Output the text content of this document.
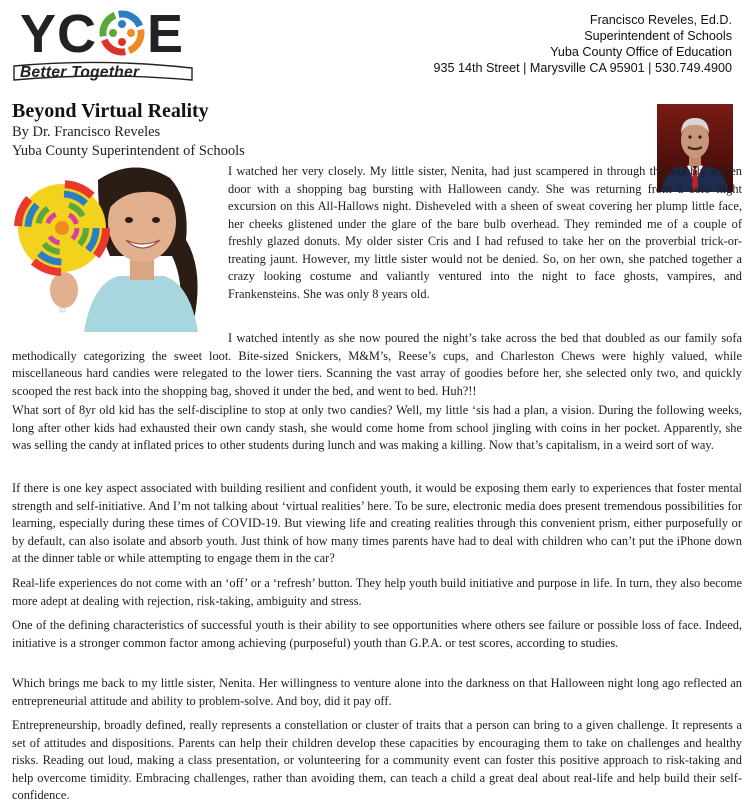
YC E
Better Together
Francisco Reveles, Ed.D.
Superintendent of Schools
Yuba County Office of Education
935 14th Street | Marysville CA 95901 | 530.749.4900
Beyond Virtual Reality
By Dr. Francisco Reveles
Yuba County Superintendent of Schools

I watched her very closely. My little sister, Nenita, had just scampered in through the wobbly screen door with a shopping bag bursting with Halloween candy. She was returning from a solo night excursion on this All-Hallows night. Disheveled with a sheen of sweat covering her plump little face, her cheeks glistened under the glare of the bare bulb overhead. They reminded me of a couple of freshly glazed donuts. My older sister Cris and I had refused to take her on the proverbial trick-or-treating jaunt. However, my little sister would not be denied. So, on her own, she patched together a crazy looking costume and valiantly ventured into the night to face ghosts, vampires, and Frankensteins. She was only 8 years old.

I watched intently as she now poured the night’s take across the bed that doubled as our family sofa methodically categorizing the sweet loot. Bite-sized Snickers, M&M’s, Reese’s cups, and Charleston Chews were highly valued, while miscellaneous hard candies were relegated to the lower tiers. Scanning the vast array of goodies before her, she selected only two, and quickly scooped the rest back into the shopping bag, shoved it under the bed, and went to bed. Huh?!!

What sort of 8yr old kid has the self-discipline to stop at only two candies? Well, my little ‘sis had a plan, a vision. During the following weeks, long after other kids had exhausted their own candy stash, she would come home from school jingling with coins in her pocket. Apparently, she was selling the candy at inflated prices to other students during lunch and was making a killing. Now that’s capitalism, in a weird sort of way.

If there is one key aspect associated with building resilient and confident youth, it would be exposing them early to experiences that foster mental strength and self-initiative. And I’m not talking about ‘virtual realities’ here. To be sure, electronic media does present tremendous possibilities for learning, especially during these times of COVID-19. But viewing life and creating realities through this convenient prism, either purposefully or by default, can also isolate and absorb youth. Just think of how many times parents have had to deal with children who can’t put the iPhone down at the dinner table or while attempting to engage them in the car?

Real-life experiences do not come with an ‘off’ or a ‘refresh’ button. They help youth build initiative and purpose in life. In turn, they also become more adept at dealing with rejection, risk-taking, ambiguity and stress.

One of the defining characteristics of successful youth is their ability to see opportunities where others see failure or possible loss of face. Indeed, initiative is a stronger common factor among achieving (purposeful) youth than G.P.A. or test scores, according to studies.

Which brings me back to my little sister, Nenita. Her willingness to venture alone into the darkness on that Halloween night long ago reflected an entrepreneurial attitude and ability to problem-solve. And boy, did it pay off.

Entrepreneurship, broadly defined, really represents a constellation or cluster of traits that a person can bring to a given challenge. It represents a set of attitudes and dispositions. Parents can help their children develop these capacities by encouraging them to take on challenges and healthy risks. Reading out loud, making a class presentation, or volunteering for a community event can foster this positive approach to risk-taking and help overcome timidity. Embracing challenges, rather than avoiding them, can teach a child a great deal about real-life and help build their self-confidence.
